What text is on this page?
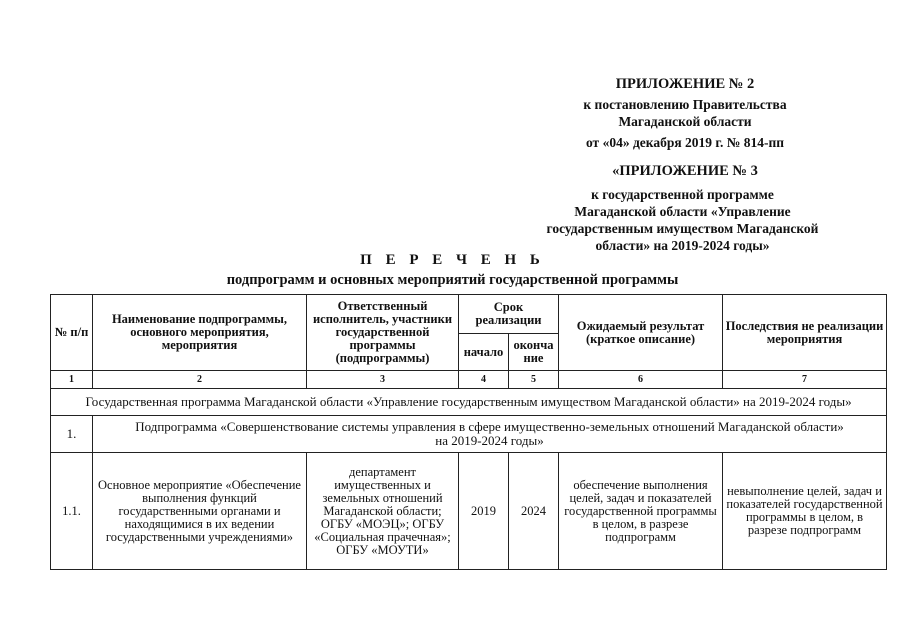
ПРИЛОЖЕНИЕ № 2
к постановлению Правительства
Магаданской области
от «04» декабря 2019 г. № 814-пп
«ПРИЛОЖЕНИЕ № 3
к государственной программе
Магаданской области «Управление
государственным имуществом Магаданской
области» на 2019-2024 годы»
П Е Р Е Ч Е Н Ь
подпрограмм и основных мероприятий государственной программы
№ п/п	Наименование подпрограммы, основного мероприятия, мероприятия	Ответственный исполнитель, участники государственной программы (подпрограммы)	Срок реализации		Ожидаемый результат (краткое описание)	Последствия не реализации мероприятия
			начало	оконча ние		
1	2	3	4	5	6	7
Государственная программа Магаданской области «Управление государственным имуществом Магаданской области» на 2019-2024 годы»						
1.	Подпрограмма «Совершенствование системы управления в сфере имущественно-земельных отношений Магаданской области» на 2019-2024 годы»					
1.1.	Основное мероприятие «Обеспечение выполнения функций государственными органами и находящимися в их ведении государственными учреждениями»	департамент имущественных и земельных отношений Магаданской области; ОГБУ «МОЭЦ»; ОГБУ «Социальная прачечная»; ОГБУ «МОУТИ»	2019	2024	обеспечение выполнения целей, задач и показателей государственной программы в целом, в разрезе подпрограмм	невыполнение целей, задач и показателей государственной программы в целом, в разрезе подпрограмм
